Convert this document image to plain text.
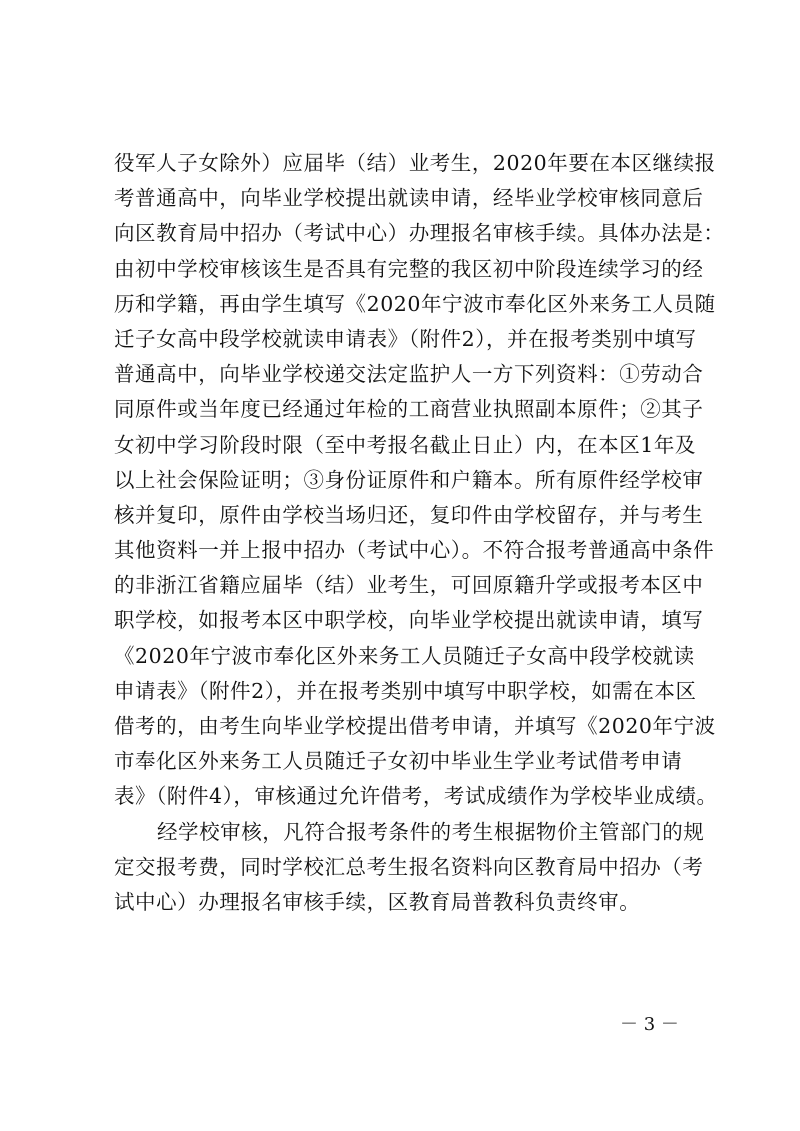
役军人子女除外）应届毕（结）业考生，2020年要在本区继续报
考普通高中，向毕业学校提出就读申请，经毕业学校审核同意后
向区教育局中招办（考试中心）办理报名审核手续。具体办法是：
由初中学校审核该生是否具有完整的我区初中阶段连续学习的经
历和学籍，再由学生填写《2020年宁波市奉化区外来务工人员随
迁子女高中段学校就读申请表》（附件2），并在报考类别中填写
普通高中，向毕业学校递交法定监护人一方下列资料：①劳动合
同原件或当年度已经通过年检的工商营业执照副本原件；②其子
女初中学习阶段时限（至中考报名截止日止）内，在本区1年及
以上社会保险证明；③身份证原件和户籍本。所有原件经学校审
核并复印，原件由学校当场归还，复印件由学校留存，并与考生
其他资料一并上报中招办（考试中心）。不符合报考普通高中条件
的非浙江省籍应届毕（结）业考生，可回原籍升学或报考本区中
职学校，如报考本区中职学校，向毕业学校提出就读申请，填写
《2020年宁波市奉化区外来务工人员随迁子女高中段学校就读
申请表》（附件2），并在报考类别中填写中职学校，如需在本区
借考的，由考生向毕业学校提出借考申请，并填写《2020年宁波
市奉化区外来务工人员随迁子女初中毕业生学业考试借考申请
表》（附件4），审核通过允许借考，考试成绩作为学校毕业成绩。
经学校审核，凡符合报考条件的考生根据物价主管部门的规
定交报考费，同时学校汇总考生报名资料向区教育局中招办（考
试中心）办理报名审核手续，区教育局普教科负责终审。
－ 3 －
